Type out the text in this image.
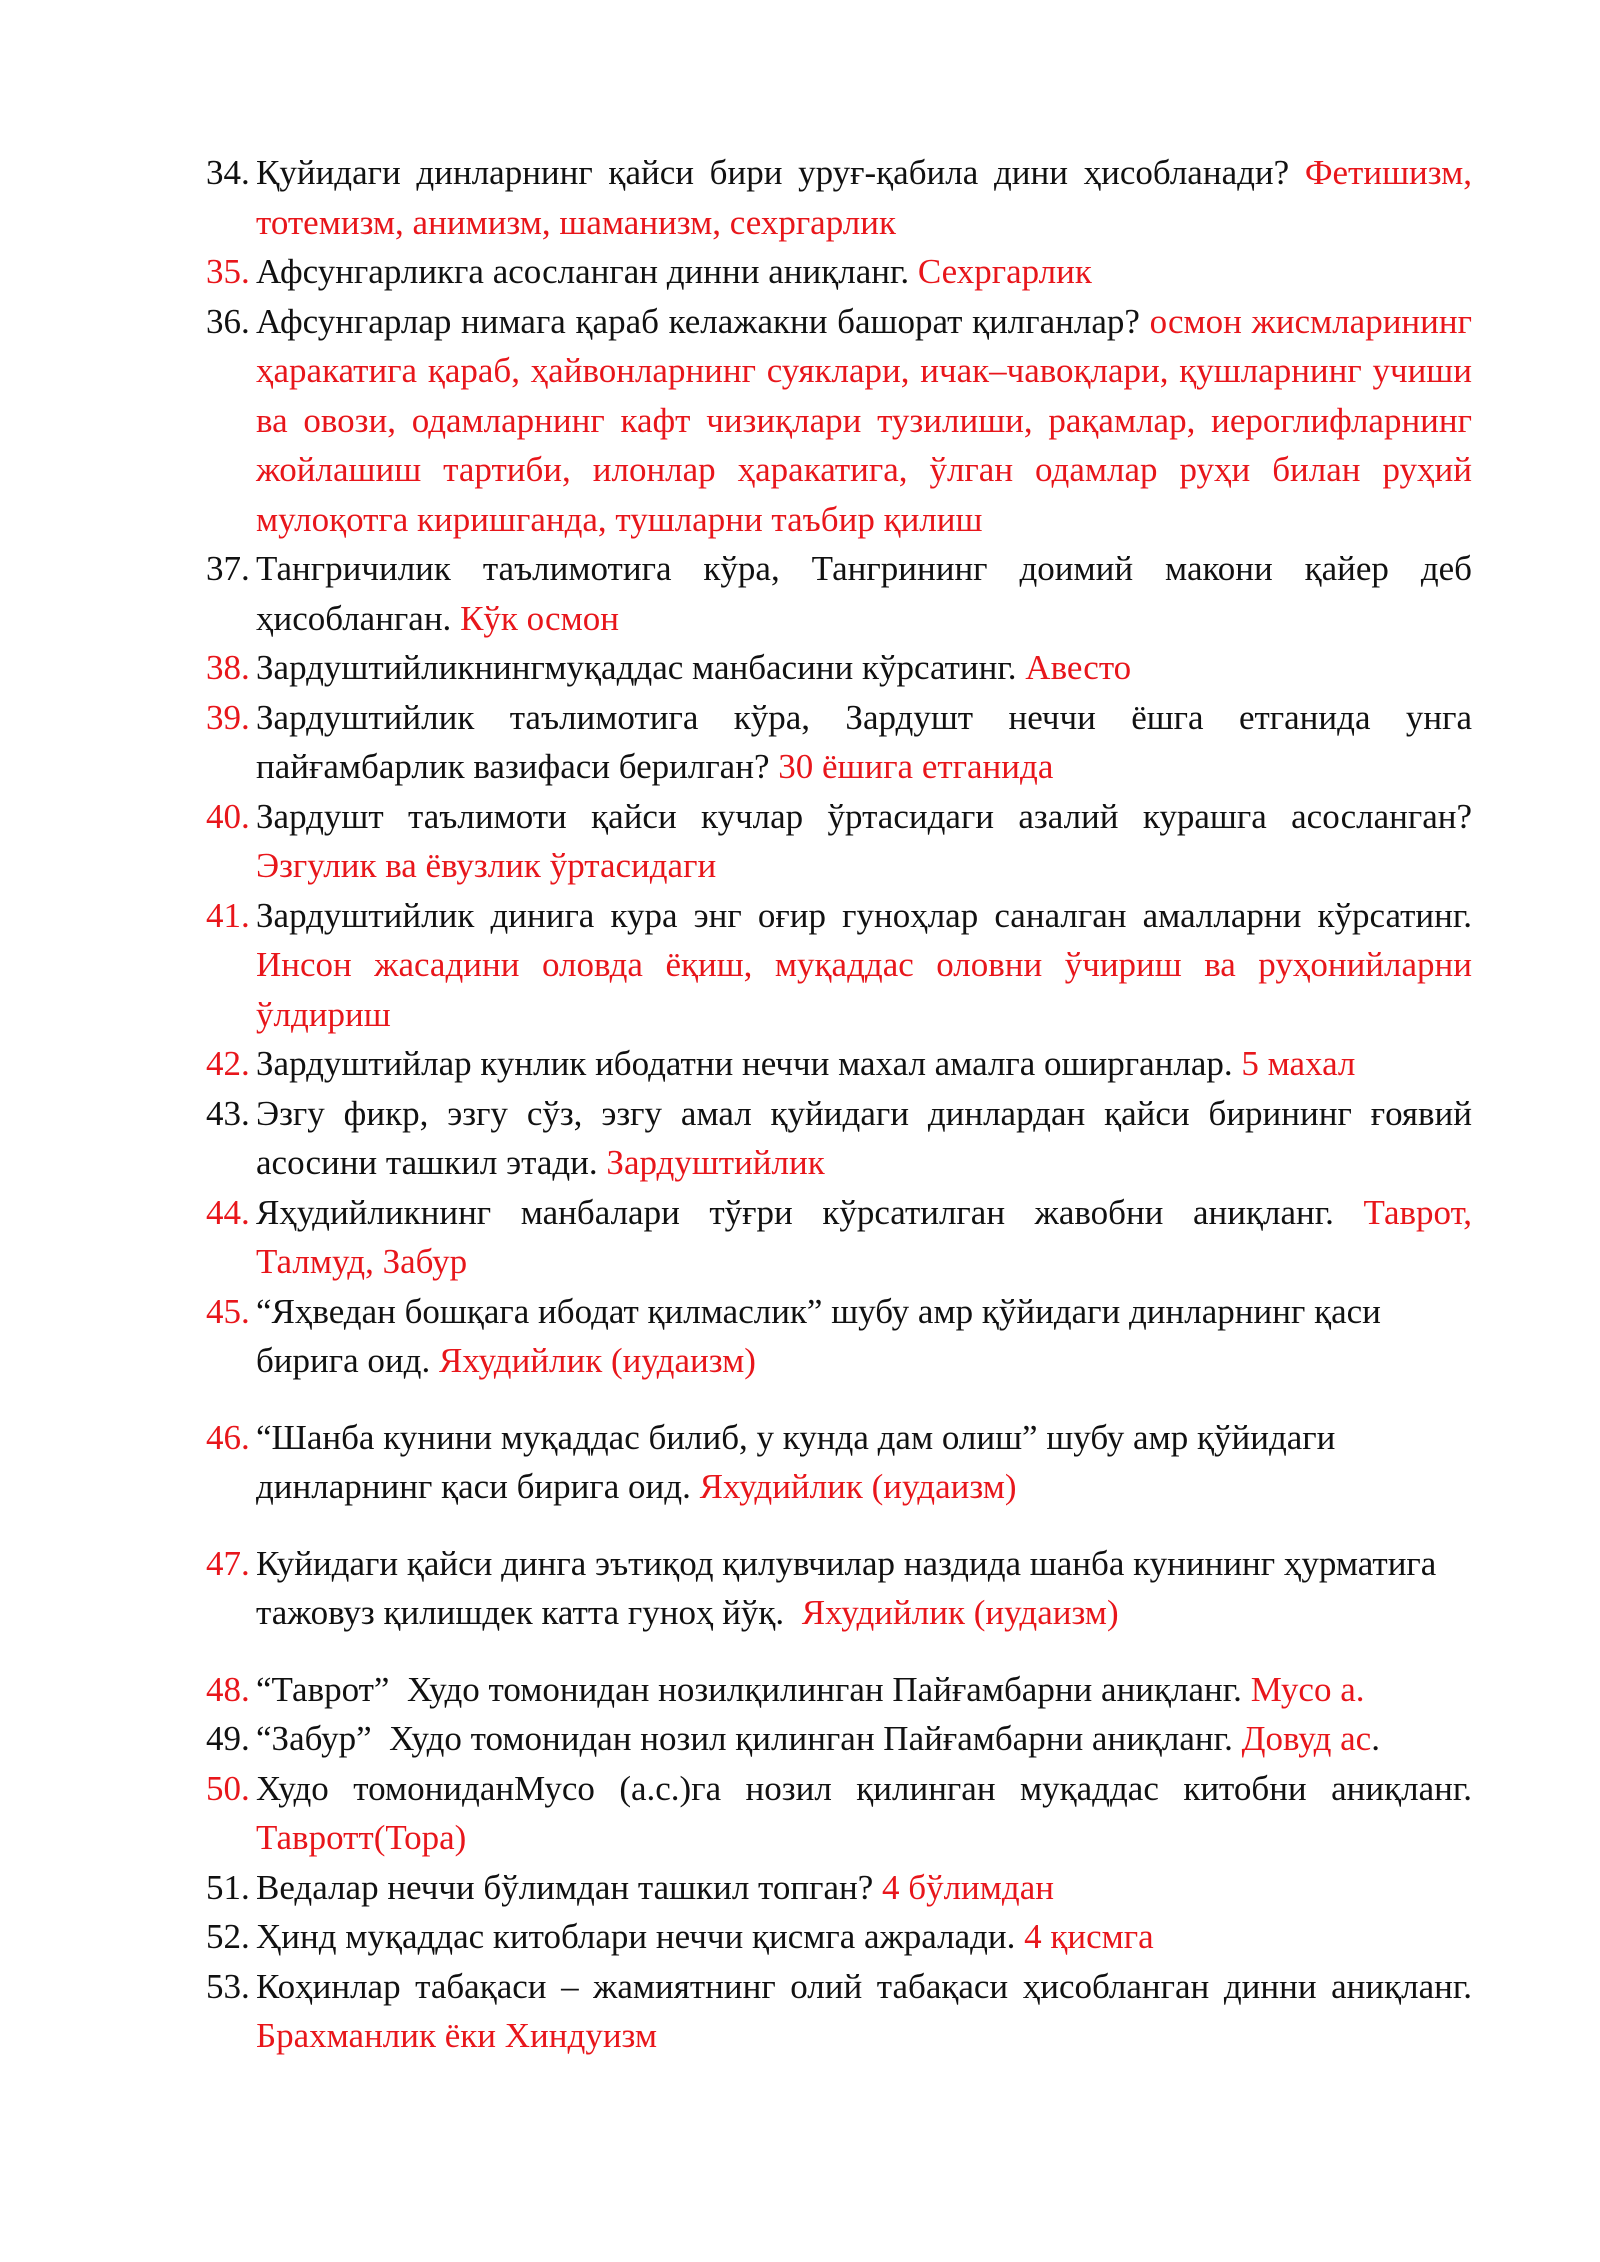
34. Қуйидаги динларнинг қайси бири уруғ-қабила дини ҳисобланади? Фетишизм, тотемизм, анимизм, шаманизм, сехргарлик
35. Афсунгарликга асосланган динни аниқланг. Сехргарлик
36. Афсунгарлар нимага қараб келажакни башорат қилганлар? осмон жисмларининг ҳаракатига қараб, ҳайвонларнинг суяклари, ичак–чавоқлари, қушларнинг учиши ва овози, одамларнинг кафт чизиқлари тузилиши, рақамлар, иероглифларнинг жойлашиш тартиби, илонлар ҳаракатига, ўлган одамлар руҳи билан руҳий мулоқотга киришганда, тушларни таъбир қилиш
37. Тангричилик таълимотига кўра, Тангрининг доимий макони қайер деб ҳисобланган. Кўк осмон
38. Зардуштийликнингмуқаддас манбасини кўрсатинг. Авесто
39. Зардуштийлик таълимотига кўра, Зардушт неччи ёшга етганида унга пайғамбарлик вазифаси берилган? 30 ёшига етганида
40. Зардушт таълимоти қайси кучлар ўртасидаги азалий курашга асосланган? Эзгулик ва ёвузлик ўртасидаги
41. Зардуштийлик динига кура энг оғир гуноҳлар саналган амалларни кўрсатинг. Инсон жасадини оловда ёқиш, муқаддас оловни ўчириш ва руҳонийларни ўлдириш
42. Зардуштийлар кунлик ибодатни неччи махал амалга оширганлар. 5 махал
43. Эзгу фикр, эзгу сўз, эзгу амал қуйидаги динлардан қайси бирининг ғоявий асосини ташкил этади. Зардуштийлик
44. Яҳудийликнинг манбалари тўғри кўрсатилган жавобни аниқланг. Таврот, Талмуд, Забур
45. “Яҳведан бошқага ибодат қилмаслик” шубу амр қўйидаги динларнинг қаси бирига оид. Яхудийлик (иудаизм)
46. “Шанба кунини муқаддас билиб, у кунда дам олиш” шубу амр қўйидаги динларнинг қаси бирига оид. Яхудийлик (иудаизм)
47. Куйидаги қайси динга эътиқод қилувчилар наздида шанба кунининг ҳурматига тажовуз қилишдек катта гуноҳ йўқ.  Яхудийлик (иудаизм)
48. “Таврот”  Худо томонидан нозилқилинган Пайғамбарни аниқланг. Мусо а.
49. “Забур”  Худо томонидан нозил қилинган Пайғамбарни аниқланг. Довуд ас.
50. Худо томониданМусо (а.с.)га нозил қилинган муқаддас китобни аниқланг. Тавротт(Тора)
51. Ведалар неччи бўлимдан ташкил топган? 4 бўлимдан
52. Ҳинд муқаддас китоблари неччи қисмга ажралади. 4 қисмга
53. Коҳинлар табақаси – жамиятнинг олий табақаси ҳисобланган динни аниқланг. Брахманлик ёки Хиндуизм
